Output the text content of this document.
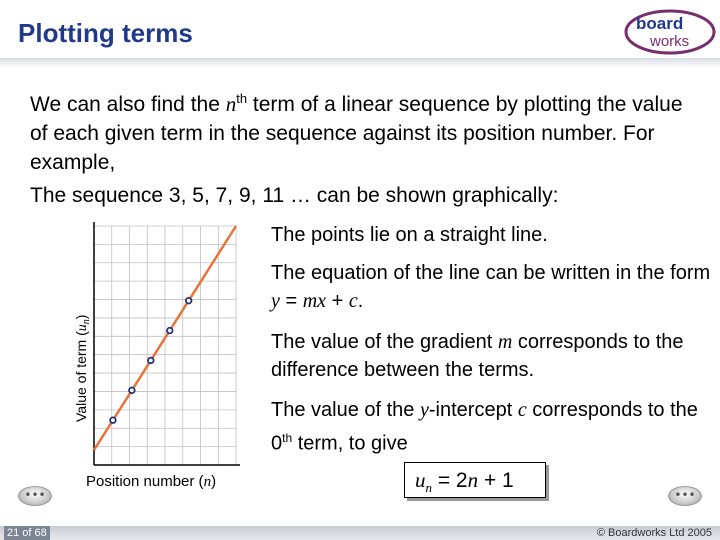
Plotting terms	board
works
We can also find the $n^{th}$ term of a linear sequence by plotting the value of each given term in the sequence against its position number. For example,
The sequence 3, 5, 7, 9, 11 … can be shown graphically:
Position number (n)
Value of term $(u_n)$
The points lie on a straight line.
The equation of the line can be written in the form y = mx + c.
The value of the gradient m corresponds to the difference between the terms.
The value of the y-intercept c corresponds to the 0th term, to give
$u_n = 2n + 1$
•••	•••
21 of 68	© Boardworks Ltd 2005
